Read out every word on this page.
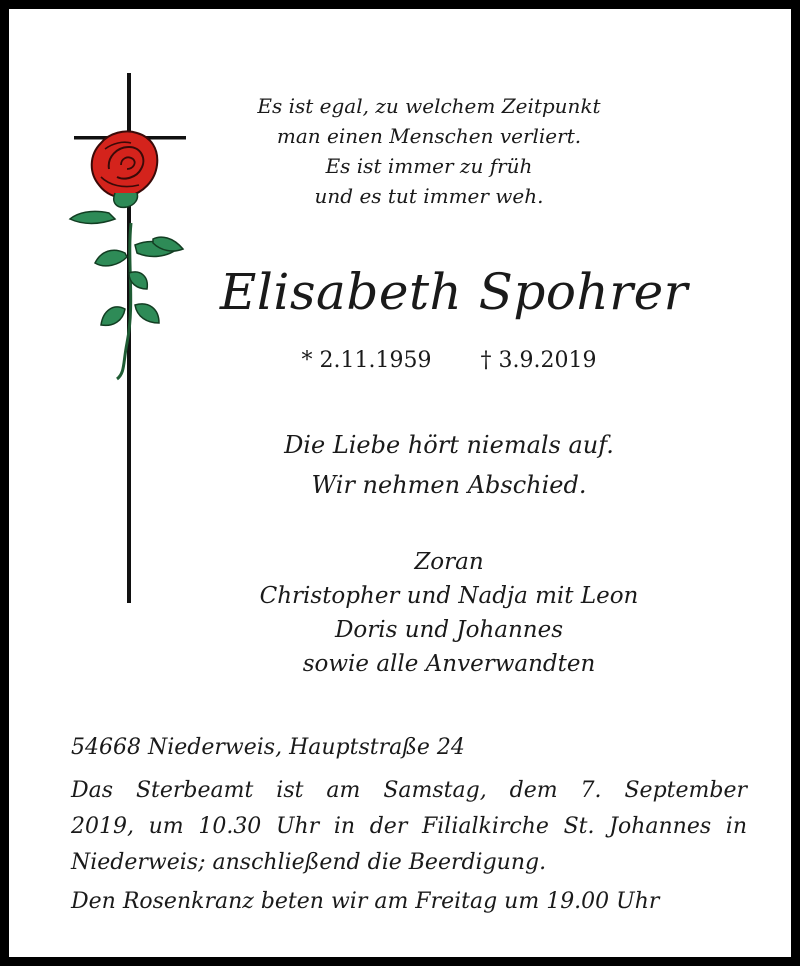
Es ist egal, zu welchem Zeitpunkt
man einen Menschen verliert.
Es ist immer zu früh
und es tut immer weh.
Elisabeth Spohrer
* 2.11.1959 † 3.9.2019
Die Liebe hört niemals auf.
Wir nehmen Abschied.
Zoran
Christopher und Nadja mit Leon
Doris und Johannes
sowie alle Anverwandten
54668 Niederweis, Hauptstraße 24
Das Sterbeamt ist am Samstag, dem 7. September
2019, um 10.30 Uhr in der Filialkirche St. Johannes in
Niederweis; anschließend die Beerdigung.
Den Rosenkranz beten wir am Freitag um 19.00 Uhr
